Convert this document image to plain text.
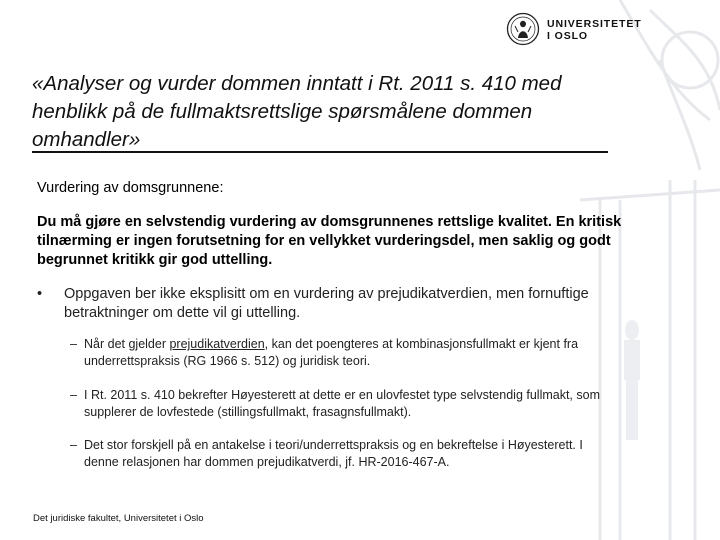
UNIVERSITETET
I OSLO
«Analyser og vurder dommen inntatt i Rt. 2011 s. 410 med henblikk på de fullmaktsrettslige spørsmålene dommen omhandler»
Vurdering av domsgrunnene:
Du må gjøre en selvstendig vurdering av domsgrunnenes rettslige kvalitet. En kritisk tilnærming er ingen forutsetning for en vellykket vurderingsdel, men saklig og godt begrunnet kritikk gir god uttelling.
• Oppgaven ber ikke eksplisitt om en vurdering av prejudikatverdien, men fornuftige betraktninger om dette vil gi uttelling.
– Når det gjelder prejudikatverdien, kan det poengteres at kombinasjonsfullmakt er kjent fra underrettspraksis (RG 1966 s. 512) og juridisk teori.
– I Rt. 2011 s. 410 bekrefter Høyesterett at dette er en ulovfestet type selvstendig fullmakt, som supplerer de lovfestede (stillingsfullmakt, frasagnsfullmakt).
– Det stor forskjell på en antakelse i teori/underrettspraksis og en bekreftelse i Høyesterett. I denne relasjonen har dommen prejudikatverdi, jf. HR-2016-467-A.
Det juridiske fakultet, Universitetet i Oslo
